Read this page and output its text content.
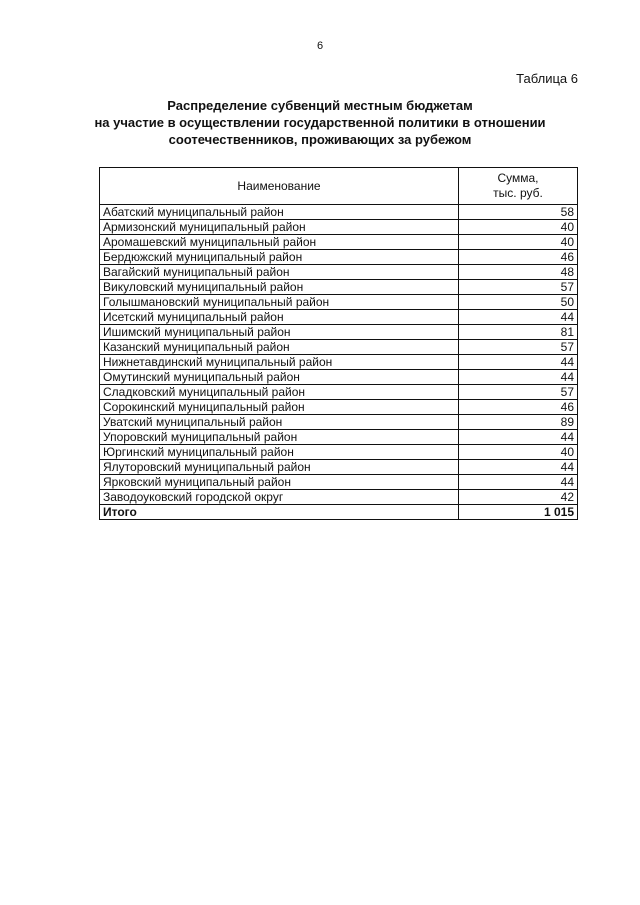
6
Таблица 6
Распределение субвенций местным бюджетам
на участие в осуществлении государственной политики в отношении
соотечественников, проживающих за рубежом
Наименование	Сумма,
тыс. руб.

Абатский муниципальный район	58
Армизонский муниципальный район	40
Аромашевский муниципальный район	40
Бердюжский муниципальный район	46
Вагайский муниципальный район	48
Викуловский муниципальный район	57
Голышмановский муниципальный район	50
Исетский муниципальный район	44
Ишимский муниципальный район	81
Казанский муниципальный район	57
Нижнетавдинский муниципальный район	44
Омутинский муниципальный район	44
Сладковский муниципальный район	57
Сорокинский муниципальный район	46
Уватский муниципальный район	89
Упоровский муниципальный район	44
Юргинский муниципальный район	40
Ялуторовский муниципальный район	44
Ярковский муниципальный район	44
Заводоуковский городской округ	42
Итого	1 015
